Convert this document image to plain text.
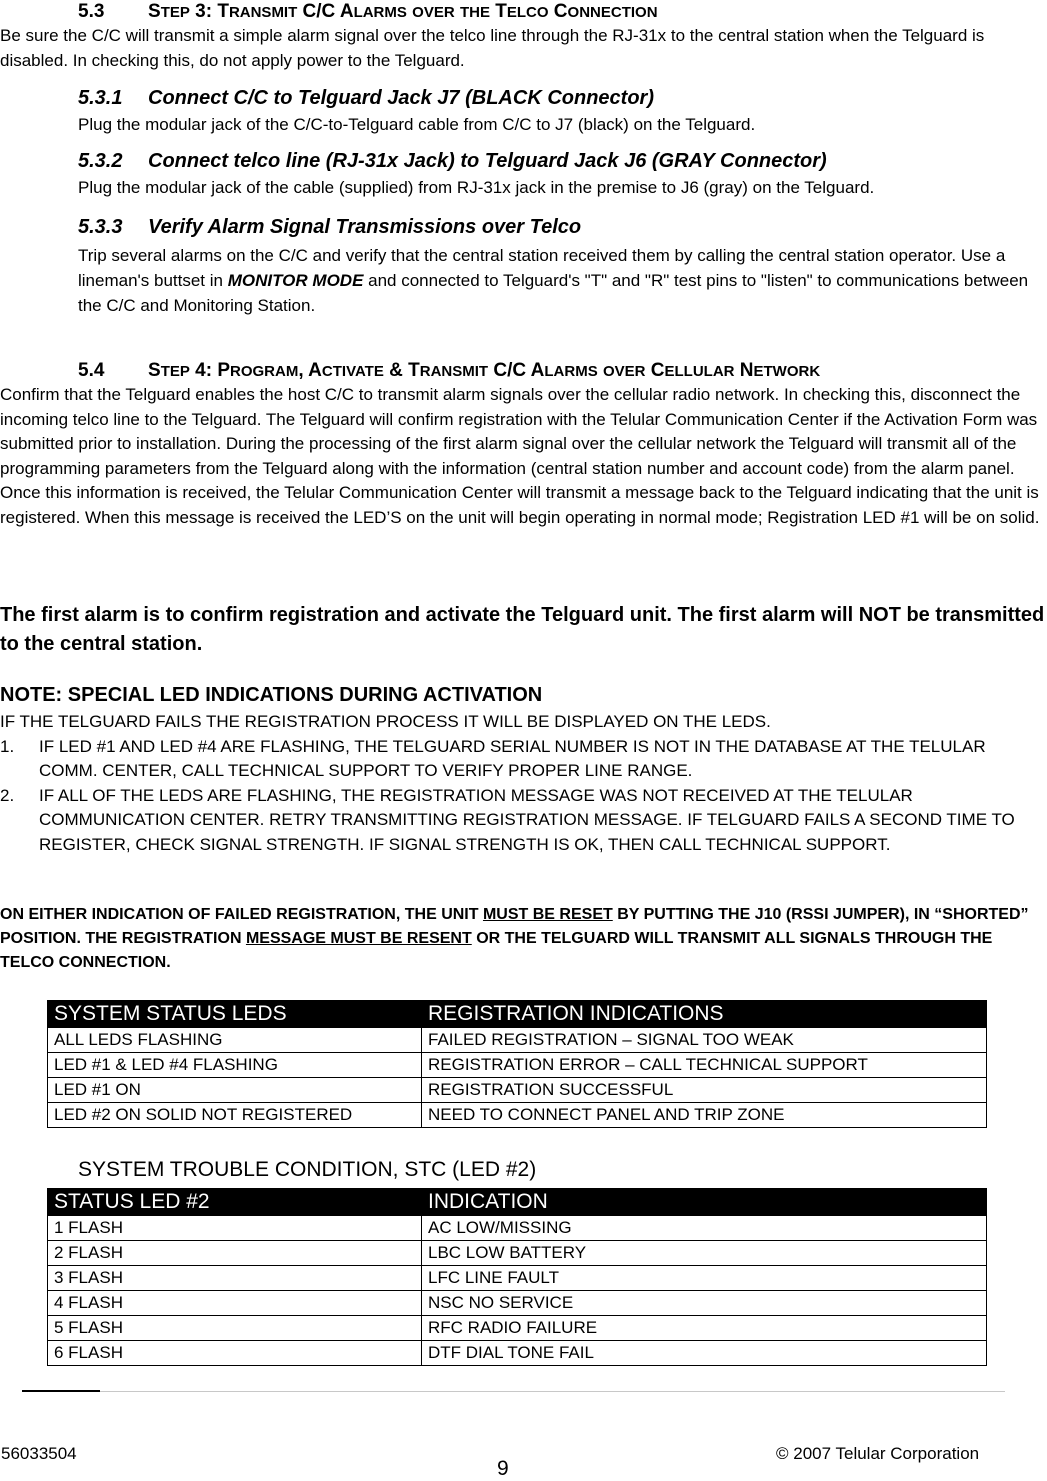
5.3 STEP 3: TRANSMIT C/C ALARMS OVER THE TELCO CONNECTION
Be sure the C/C will transmit a simple alarm signal over the telco line through the RJ-31x to the central station when the Telguard is disabled. In checking this, do not apply power to the Telguard.
5.3.1 Connect C/C to Telguard Jack J7 (BLACK Connector)
Plug the modular jack of the C/C-to-Telguard cable from C/C to J7 (black) on the Telguard.
5.3.2 Connect telco line (RJ-31x Jack) to Telguard Jack J6 (GRAY Connector)
Plug the modular jack of the cable (supplied) from RJ-31x jack in the premise to J6 (gray) on the Telguard.
5.3.3 Verify Alarm Signal Transmissions over Telco
Trip several alarms on the C/C and verify that the central station received them by calling the central station operator. Use a lineman's buttset in MONITOR MODE and connected to Telguard's "T" and "R" test pins to "listen" to communications between the C/C and Monitoring Station.
5.4 STEP 4: PROGRAM, ACTIVATE & TRANSMIT C/C ALARMS OVER CELLULAR NETWORK
Confirm that the Telguard enables the host C/C to transmit alarm signals over the cellular radio network. In checking this, disconnect the incoming telco line to the Telguard. The Telguard will confirm registration with the Telular Communication Center if the Activation Form was submitted prior to installation. During the processing of the first alarm signal over the cellular network the Telguard will transmit all of the programming parameters from the Telguard along with the information (central station number and account code) from the alarm panel. Once this information is received, the Telular Communication Center will transmit a message back to the Telguard indicating that the unit is registered. When this message is received the LED’S on the unit will begin operating in normal mode; Registration LED #1 will be on solid.
The first alarm is to confirm registration and activate the Telguard unit. The first alarm will NOT be transmitted to the central station.
NOTE: SPECIAL LED INDICATIONS DURING ACTIVATION
IF THE TELGUARD FAILS THE REGISTRATION PROCESS IT WILL BE DISPLAYED ON THE LEDS.
1. IF LED #1 AND LED #4 ARE FLASHING, THE TELGUARD SERIAL NUMBER IS NOT IN THE DATABASE AT THE TELULAR COMM. CENTER, CALL TECHNICAL SUPPORT TO VERIFY PROPER LINE RANGE.
2. IF ALL OF THE LEDS ARE FLASHING, THE REGISTRATION MESSAGE WAS NOT RECEIVED AT THE TELULAR COMMUNICATION CENTER. RETRY TRANSMITTING REGISTRATION MESSAGE. IF TELGUARD FAILS A SECOND TIME TO REGISTER, CHECK SIGNAL STRENGTH. IF SIGNAL STRENGTH IS OK, THEN CALL TECHNICAL SUPPORT.
ON EITHER INDICATION OF FAILED REGISTRATION, THE UNIT MUST BE RESET BY PUTTING THE J10 (RSSI JUMPER), IN “SHORTED” POSITION. THE REGISTRATION MESSAGE MUST BE RESENT OR THE TELGUARD WILL TRANSMIT ALL SIGNALS THROUGH THE TELCO CONNECTION.
SYSTEM STATUS LEDS	REGISTRATION INDICATIONS
ALL LEDS FLASHING	FAILED REGISTRATION – SIGNAL TOO WEAK
LED #1 & LED #4 FLASHING	REGISTRATION ERROR – CALL TECHNICAL SUPPORT
LED #1 ON	REGISTRATION SUCCESSFUL
LED #2 ON SOLID NOT REGISTERED	NEED TO CONNECT PANEL AND TRIP ZONE
SYSTEM TROUBLE CONDITION, STC (LED #2)
STATUS LED #2	INDICATION
1 FLASH	AC LOW/MISSING
2 FLASH	LBC LOW BATTERY
3 FLASH	LFC LINE FAULT
4 FLASH	NSC NO SERVICE
5 FLASH	RFC RADIO FAILURE
6 FLASH	DTF DIAL TONE FAIL
56033504
9
© 2007 Telular Corporation
